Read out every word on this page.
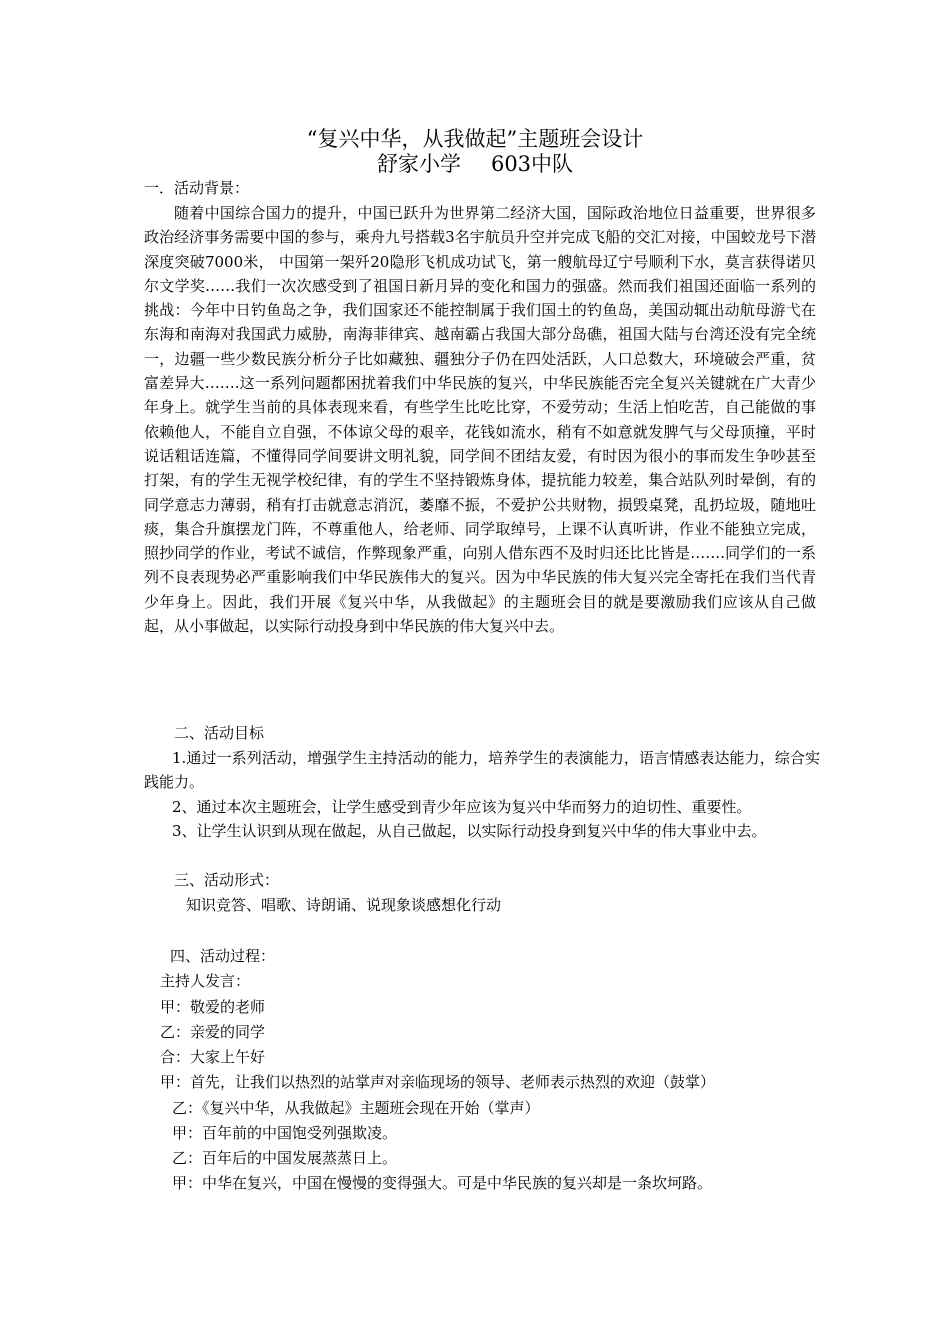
“复兴中华，从我做起”主题班会设计
舒家小学 603中队
一．活动背景：
随着中国综合国力的提升，中国已跃升为世界第二经济大国，国际政治地位日益重要，世界很多政治经济事务需要中国的参与，乘舟九号搭载3名宇航员升空并完成飞船的交汇对接，中国蛟龙号下潜深度突破7000米， 中国第一架歼20隐形飞机成功试飞，第一艘航母辽宁号顺利下水，莫言获得诺贝尔文学奖……我们一次次感受到了祖国日新月异的变化和国力的强盛。然而我们祖国还面临一系列的挑战：今年中日钓鱼岛之争，我们国家还不能控制属于我们国土的钓鱼岛，美国动辄出动航母游弋在东海和南海对我国武力威胁，南海菲律宾、越南霸占我国大部分岛礁，祖国大陆与台湾还没有完全统一，边疆一些少数民族分析分子比如藏独、疆独分子仍在四处活跃，人口总数大，环境破会严重，贫富差异大…….这一系列问题都困扰着我们中华民族的复兴，中华民族能否完全复兴关键就在广大青少年身上。就学生当前的具体表现来看，有些学生比吃比穿，不爱劳动；生活上怕吃苦，自己能做的事依赖他人，不能自立自强，不体谅父母的艰辛，花钱如流水，稍有不如意就发脾气与父母顶撞，平时说话粗话连篇，不懂得同学间要讲文明礼貌，同学间不团结友爱，有时因为很小的事而发生争吵甚至打架，有的学生无视学校纪律，有的学生不坚持锻炼身体，提抗能力较差，集合站队列时晕倒，有的同学意志力薄弱，稍有打击就意志消沉，萎靡不振，不爱护公共财物，损毁桌凳，乱扔垃圾，随地吐痰，集合升旗摆龙门阵，不尊重他人，给老师、同学取绰号，上课不认真听讲，作业不能独立完成，照抄同学的作业，考试不诚信，作弊现象严重，向别人借东西不及时归还比比皆是…….同学们的一系列不良表现势必严重影响我们中华民族伟大的复兴。因为中华民族的伟大复兴完全寄托在我们当代青少年身上。因此，我们开展《复兴中华，从我做起》的主题班会目的就是要激励我们应该从自己做起，从小事做起，以实际行动投身到中华民族的伟大复兴中去。
二、活动目标
1.通过一系列活动，增强学生主持活动的能力，培养学生的表演能力，语言情感表达能力，综合实践能力。
2、通过本次主题班会，让学生感受到青少年应该为复兴中华而努力的迫切性、重要性。
3、让学生认识到从现在做起，从自己做起，以实际行动投身到复兴中华的伟大事业中去。
三、活动形式：
知识竞答、唱歌、诗朗诵、说现象谈感想化行动
四、活动过程：
主持人发言：
甲：敬爱的老师
乙：亲爱的同学
合：大家上午好
甲：首先，让我们以热烈的站掌声对亲临现场的领导、老师表示热烈的欢迎（鼓掌）
乙：《复兴中华，从我做起》主题班会现在开始（掌声）
甲：百年前的中国饱受列强欺凌。
乙：百年后的中国发展蒸蒸日上。
甲：中华在复兴，中国在慢慢的变得强大。可是中华民族的复兴却是一条坎坷路。
